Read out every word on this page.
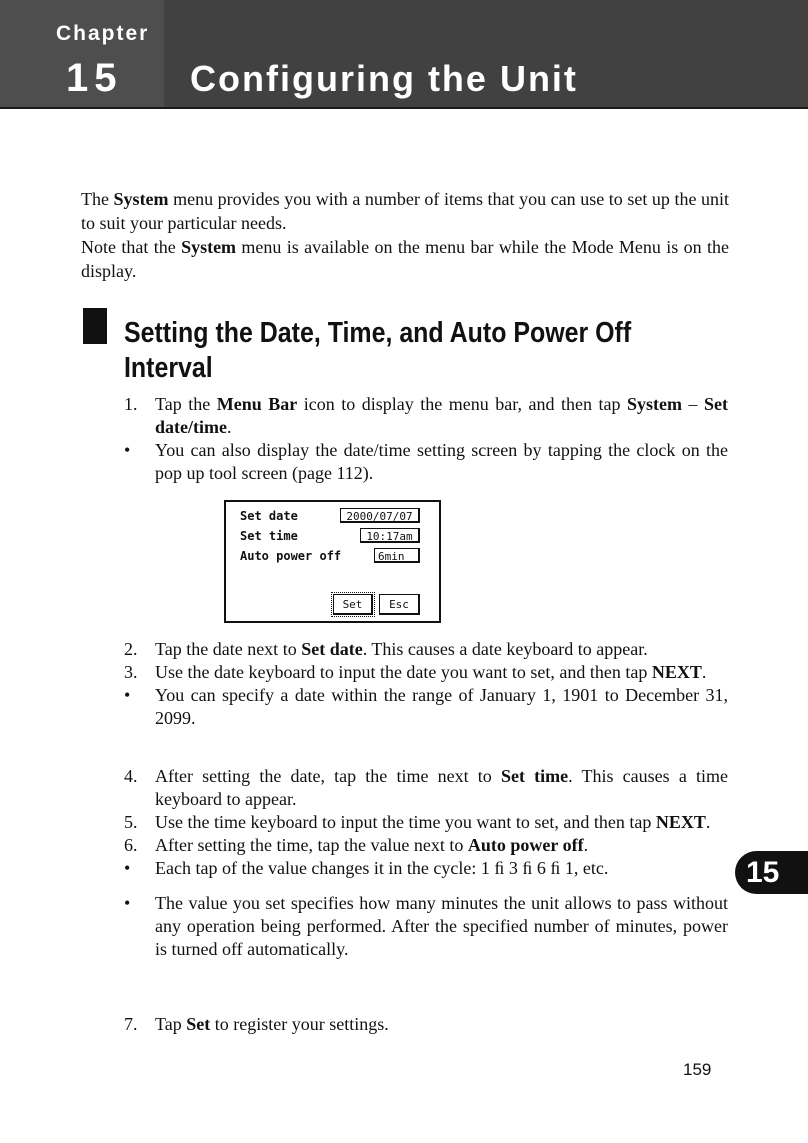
Chapter
15 Configuring the Unit

The System menu provides you with a number of items that you can use to set up the unit to suit your particular needs.

Note that the System menu is available on the menu bar while the Mode Menu is on the display.

Setting the Date, Time, and Auto Power Off Interval
1. Tap the Menu Bar icon to display the menu bar, and then tap System – Set date/time.
• You can also display the date/time setting screen by tapping the clock on the pop up tool screen (page 112).
Set date	2000/07/07
Set time	10:17am
Auto power off	6min
Set	Esc
2. Tap the date next to Set date. This causes a date keyboard to appear.
3. Use the date keyboard to input the date you want to set, and then tap NEXT.
• You can specify a date within the range of January 1, 1901 to December 31, 2099.
4. After setting the date, tap the time next to Set time. This causes a time keyboard to appear.
5. Use the time keyboard to input the time you want to set, and then tap NEXT.
6. After setting the time, tap the value next to Auto power off.
• Each tap of the value changes it in the cycle: 1 ﬁ 3 ﬁ 6 ﬁ 1, etc.
• The value you set specifies how many minutes the unit allows to pass without any operation being performed. After the specified number of minutes, power is turned off automatically.
7. Tap Set to register your settings.
15
159
